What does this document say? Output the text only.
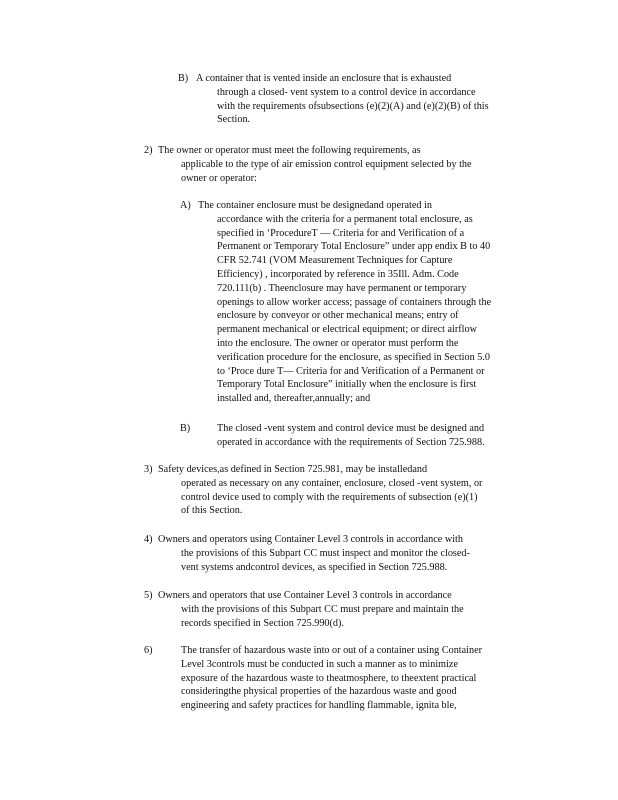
B) A container that is vented inside an enclosure that is exhausted
through a closed- vent system to a control device in accordance
with the requirements ofsubsections (e)(2)(A) and (e)(2)(B) of this
Section.
2) The owner or operator must meet the following requirements, as
applicable to the type of air emission control equipment selected by the
owner or operator:
A) The container enclosure must be designedand operated in
accordance with the criteria for a permanent total enclosure, as
specified in ‘ProcedureT — Criteria for and Verification of a
Permanent or Temporary Total Enclosure” under app endix B to 40
CFR 52.741 (VOM Measurement Techniques for Capture
Efficiency) , incorporated by reference in 35Ill. Adm. Code
720.111(b) . Theenclosure may have permanent or temporary
openings to allow worker access; passage of containers through the
enclosure by conveyor or other mechanical means; entry of
permanent mechanical or electrical equipment; or direct airflow
into the enclosure. The owner or operator must perform the
verification procedure for the enclosure, as specified in Section 5.0
to ‘Proce dure T— Criteria for and Verification of a Permanent or
Temporary Total Enclosure” initially when the enclosure is first
installed and, thereafter,annually; and
B)	The closed -vent system and control device must be designed and
operated in accordance with the requirements of Section 725.988.
3) Safety devices,as defined in Section 725.981, may be installedand
operated as necessary on any container, enclosure, closed -vent system, or
control device used to comply with the requirements of subsection (e)(1)
of this Section.
4) Owners and operators using Container Level 3 controls in accordance with
the provisions of this Subpart CC must inspect and monitor the closed-
vent systems andcontrol devices, as specified in Section 725.988.
5) Owners and operators that use Container Level 3 controls in accordance
with the provisions of this Subpart CC must prepare and maintain the
records specified in Section 725.990(d).
6)	The transfer of hazardous waste into or out of a container using Container
Level 3controls must be conducted in such a manner as to minimize
exposure of the hazardous waste to theatmosphere, to theextent practical
consideringthe physical properties of the hazardous waste and good
engineering and safety practices for handling flammable, ignita ble,
